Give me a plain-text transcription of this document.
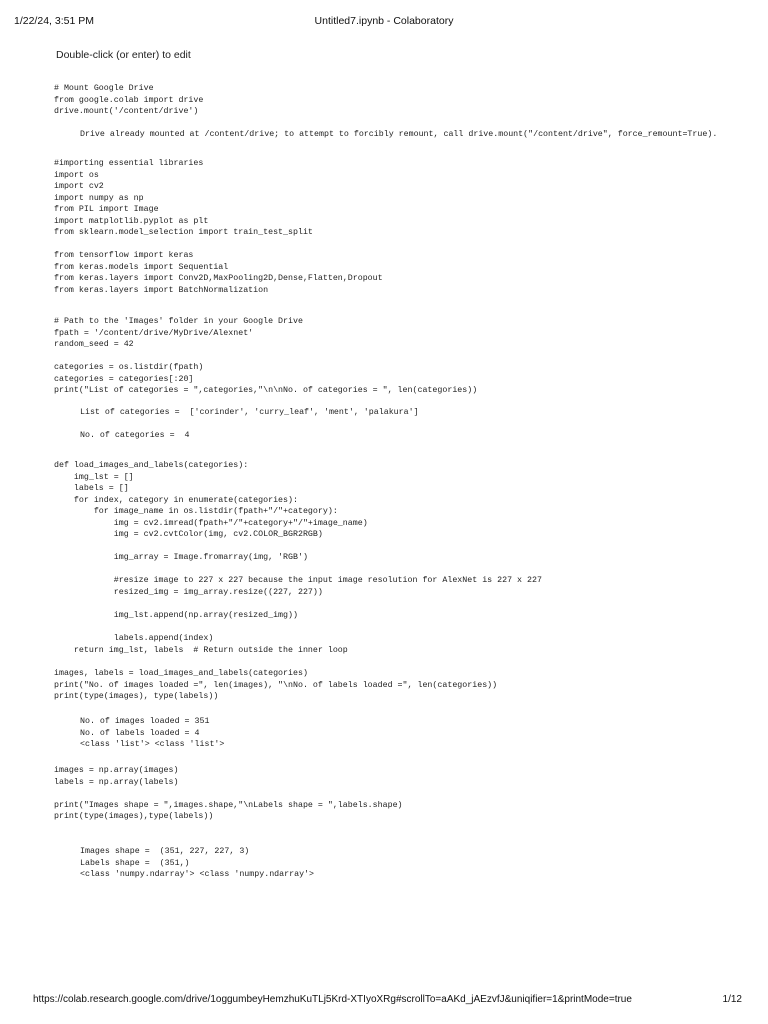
1/22/24, 3:51 PM	Untitled7.ipynb - Colaboratory
Double-click (or enter) to edit
# Mount Google Drive
from google.colab import drive
drive.mount('/content/drive')
Drive already mounted at /content/drive; to attempt to forcibly remount, call drive.mount("/content/drive", force_remount=True).
#importing essential libraries
import os
import cv2
import numpy as np
from PIL import Image
import matplotlib.pyplot as plt
from sklearn.model_selection import train_test_split

from tensorflow import keras
from keras.models import Sequential
from keras.layers import Conv2D,MaxPooling2D,Dense,Flatten,Dropout
from keras.layers import BatchNormalization
# Path to the 'Images' folder in your Google Drive
fpath = '/content/drive/MyDrive/Alexnet'
random_seed = 42

categories = os.listdir(fpath)
categories = categories[:20]
print("List of categories = ",categories,"\n\nNo. of categories = ", len(categories))
List of categories =  ['corinder', 'curry_leaf', 'ment', 'palakura']

No. of categories =  4
def load_images_and_labels(categories):
img_lst = []
labels = []
for index, category in enumerate(categories):
for image_name in os.listdir(fpath+"/"+category):
img = cv2.imread(fpath+"/"+category+"/"+image_name)
img = cv2.cvtColor(img, cv2.COLOR_BGR2RGB)

img_array = Image.fromarray(img, 'RGB')

#resize image to 227 x 227 because the input image resolution for AlexNet is 227 x 227
resized_img = img_array.resize((227, 227))

img_lst.append(np.array(resized_img))

labels.append(index)
return img_lst, labels  # Return outside the inner loop
images, labels = load_images_and_labels(categories)
print("No. of images loaded =", len(images), "\nNo. of labels loaded =", len(categories))
print(type(images), type(labels))
No. of images loaded = 351
No. of labels loaded = 4
<class 'list'> <class 'list'>
images = np.array(images)
labels = np.array(labels)

print("Images shape = ",images.shape,"\nLabels shape = ",labels.shape)
print(type(images),type(labels))
Images shape =  (351, 227, 227, 3)
Labels shape =  (351,)
<class 'numpy.ndarray'> <class 'numpy.ndarray'>
https://colab.research.google.com/drive/1oggumbeyHemzhuKuTLj5Krd-XTIyoXRg#scrollTo=aAKd_jAEzvfJ&uniqifier=1&printMode=true	1/12
